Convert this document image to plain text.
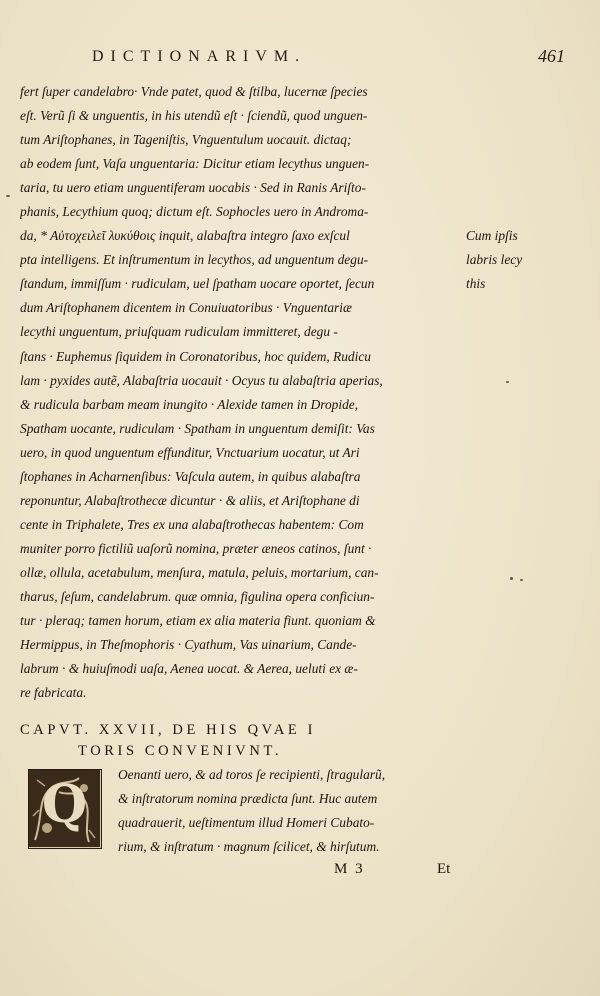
DICTIONARIVM.	461
fert ſuper candelabro· Vnde patet, quod & ſtilba, lucernæ ſpecies
eſt. Verũ ſi & unguentis, in his utendũ eſt · ſciendũ, quod unguen-
tum Ariſtophanes, in Tageniſtis, Vnguentulum uocauit. dictaq;
ab eodem ſunt, Vaſa unguentaria: Dicitur etiam lecythus unguen-
taria, tu uero etiam unguentiferam uocabis · Sed in Ranis Ariſto-
phanis, Lecythium quoq; dictum eſt. Sophocles uero in Androma-
da, * Αὐτοχειλεῖ λυκύθοις inquit, alabaſtra integro ſaxo exſcul
pta intelligens. Et inſtrumentum in lecythos, ad unguentum degu-
ſtandum, immiſſum · rudiculam, uel ſpatham uocare oportet, ſecun
dum Ariſtophanem dicentem in Conuiuatoribus · Vnguentariæ
lecythi unguentum, priuſquam rudiculam immitteret, degu -
ſtans · Euphemus ſiquidem in Coronatoribus, hoc quidem, Rudicu
lam · pyxides autẽ, Alabaſtria uocauit · Ocyus tu alabaſtria aperias,
& rudicula barbam meam inungito · Alexide tamen in Dropide,
Spatham uocante, rudiculam · Spatham in unguentum demiſit: Vas
uero, in quod unguentum effunditur, Vnctuarium uocatur, ut Ari
ſtophanes in Acharnenſibus: Vaſcula autem, in quibus alabaſtra
reponuntur, Alabaſtrothecæ dicuntur · & aliis, et Ariſtophane di
cente in Triphalete, Tres ex una alabaſtrothecas habentem: Com
muniter porro fictiliũ uaſorũ nomina, præter æneos catinos, ſunt ·
ollæ, ollula, acetabulum, menſura, matula, peluis, mortarium, can-
tharus, ſeſum, candelabrum. quæ omnia, figulina opera conficiun-
tur · pleraq; tamen horum, etiam ex alia materia fiunt. quoniam &
Hermippus, in Theſmophoris · Cyathum, Vas uinarium, Cande-
labrum · & huiuſmodi uaſa, Aenea uocat. & Aerea, ueluti ex æ-
re fabricata.
Cum ipſis
labris lecy
this
CAPVT. XXVII, DE HIS QVAE I
TORIS CONVENIVNT.
Q	Oenanti uero, & ad toros ſe recipienti, ſtragularũ,
& inſtratorum nomina prædicta ſunt. Huc autem
quadrauerit, ueſtimentum illud Homeri Cubato-
rium, & inſtratum · magnum ſcilicet, & hirſutum.
M 3	Et
